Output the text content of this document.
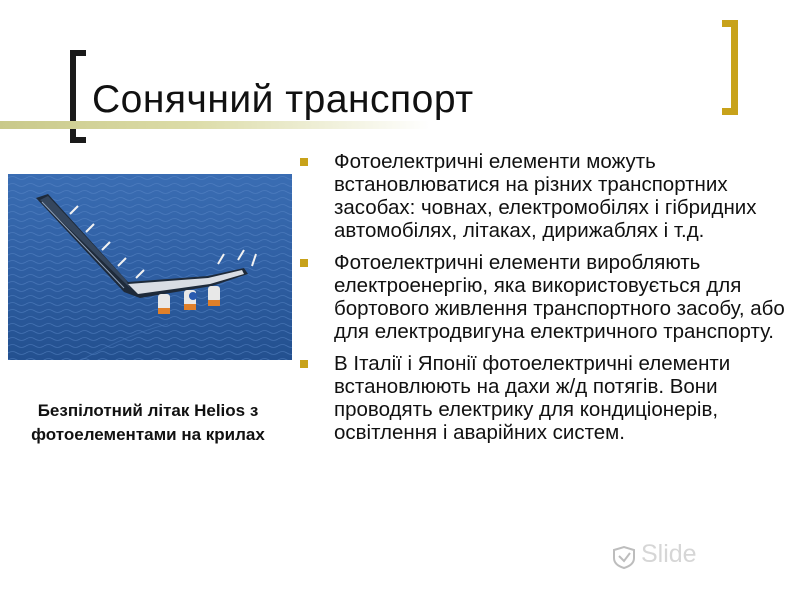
Сонячний транспорт
Безпілотний літак Helios з фотоелементами на крилах
Фотоелектричні елементи можуть встановлюватися на різних транспортних засобах: човнах, електромобілях і гібридних автомобілях, літаках, дирижаблях і т.д.
Фотоелектричні елементи виробляють електроенергію, яка використовується для бортового живлення транспортного засобу, або для електродвигуна електричного транспорту.
В Італії і Японії фотоелектричні елементи встановлюють на дахи ж/д потягів. Вони проводять електрику для кондиціонерів, освітлення і аварійних систем.
Slide
